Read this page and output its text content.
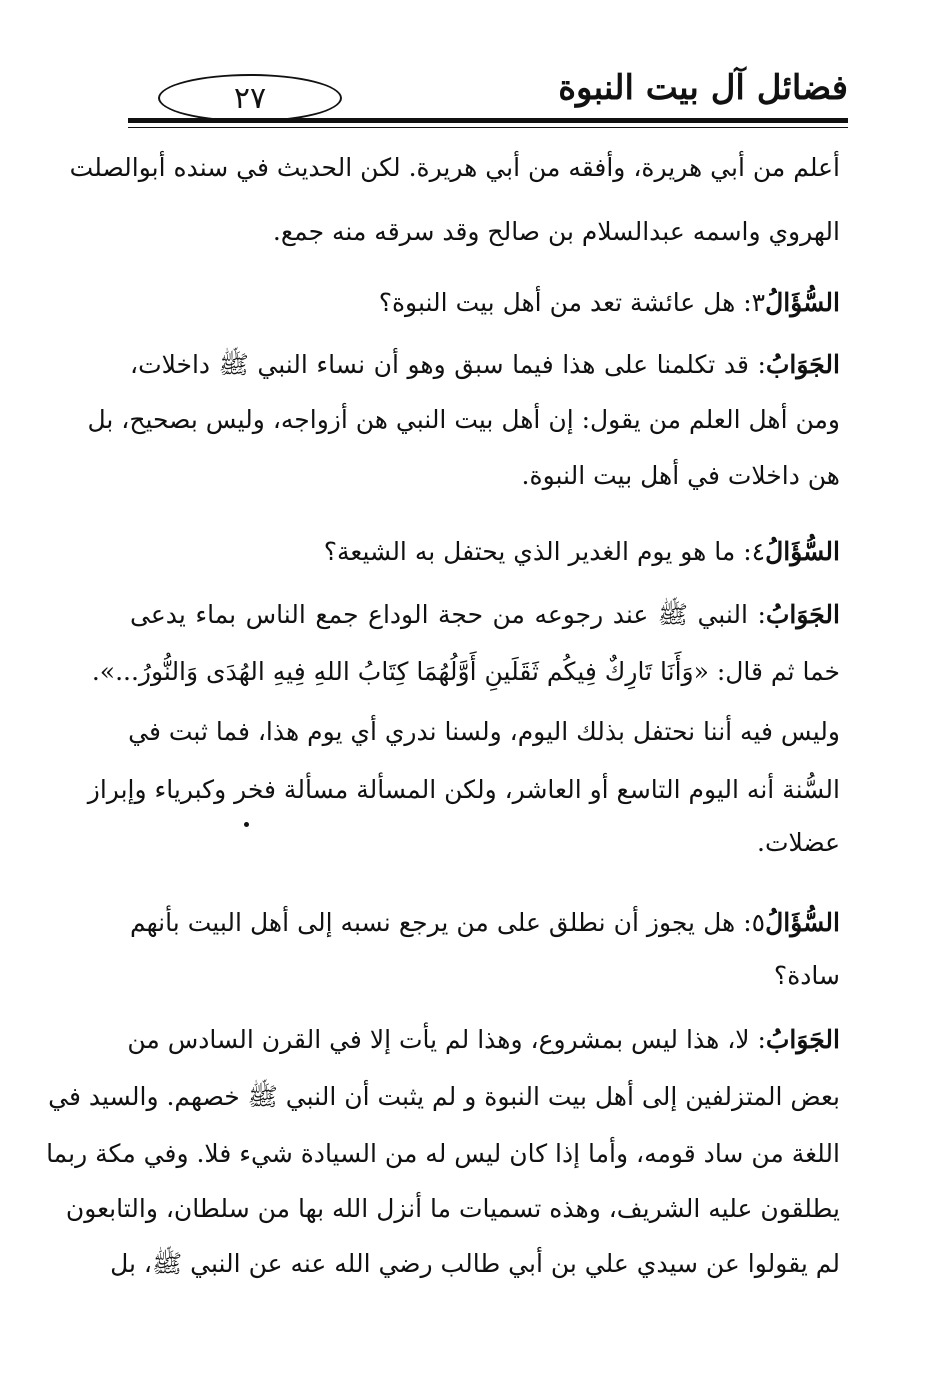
فضائل آل بيت النبوة
٢٧
أعلم من أبي هريرة، وأفقه من أبي هريرة. لكن الحديث في سنده أبوالصلت
الهروي واسمه عبدالسلام بن صالح وقد سرقه منه جمع.
السُّؤَالُ٣: هل عائشة تعد من أهل بيت النبوة؟
الجَوَابُ: قد تكلمنا على هذا فيما سبق وهو أن نساء النبي ﷺ داخلات،
ومن أهل العلم من يقول: إن أهل بيت النبي هن أزواجه، وليس بصحيح، بل
هن داخلات في أهل بيت النبوة.
السُّؤَالُ٤: ما هو يوم الغدير الذي يحتفل به الشيعة؟
الجَوَابُ: النبي ﷺ عند رجوعه من حجة الوداع جمع الناس بماء يدعى
خما ثم قال: «وَأَنَا تَارِكٌ فِيكُم ثَقَلَينِ أَوَّلُهُمَا كِتَابُ اللهِ فِيهِ الهُدَى وَالنُّورُ...».
وليس فيه أننا نحتفل بذلك اليوم، ولسنا ندري أي يوم هذا، فما ثبت في
السُّنة أنه اليوم التاسع أو العاشر، ولكن المسألة مسألة فخر وكبرياء وإبراز
عضلات.
السُّؤَالُ٥: هل يجوز أن نطلق على من يرجع نسبه إلى أهل البيت بأنهم
سادة؟
الجَوَابُ: لا، هذا ليس بمشروع، وهذا لم يأت إلا في القرن السادس من
بعض المتزلفين إلى أهل بيت النبوة و لم يثبت أن النبي ﷺ خصهم. والسيد في
اللغة من ساد قومه، وأما إذا كان ليس له من السيادة شيء فلا. وفي مكة ربما
يطلقون عليه الشريف، وهذه تسميات ما أنزل الله بها من سلطان، والتابعون
لم يقولوا عن سيدي علي بن أبي طالب رضي الله عنه عن النبي ﷺ، بل
